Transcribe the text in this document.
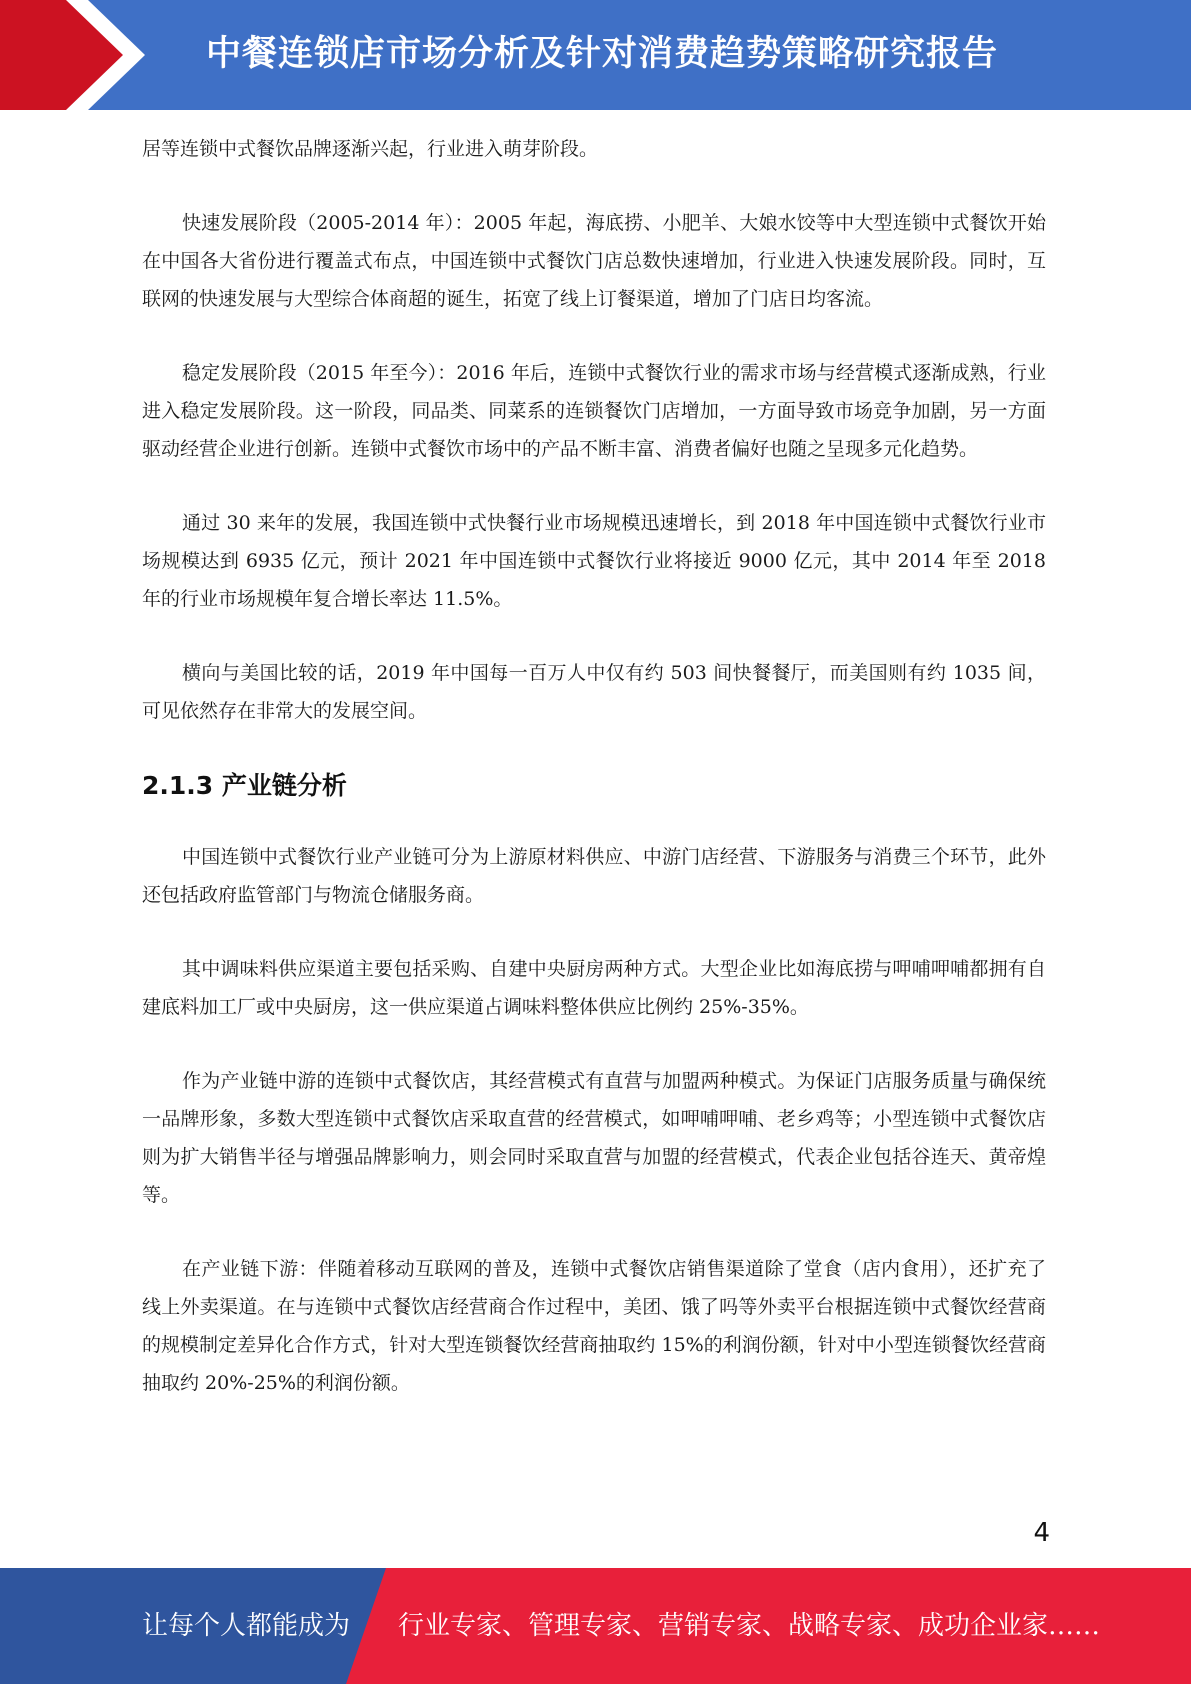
中餐连锁店市场分析及针对消费趋势策略研究报告

居等连锁中式餐饮品牌逐渐兴起，行业进入萌芽阶段。

快速发展阶段（2005-2014 年）：2005 年起，海底捞、小肥羊、大娘水饺等中大型连锁中式餐饮开始在中国各大省份进行覆盖式布点，中国连锁中式餐饮门店总数快速增加，行业进入快速发展阶段。同时，互联网的快速发展与大型综合体商超的诞生，拓宽了线上订餐渠道，增加了门店日均客流。

稳定发展阶段（2015 年至今）：2016 年后，连锁中式餐饮行业的需求市场与经营模式逐渐成熟，行业进入稳定发展阶段。这一阶段，同品类、同菜系的连锁餐饮门店增加，一方面导致市场竞争加剧，另一方面驱动经营企业进行创新。连锁中式餐饮市场中的产品不断丰富、消费者偏好也随之呈现多元化趋势。

通过 30 来年的发展，我国连锁中式快餐行业市场规模迅速增长，到 2018 年中国连锁中式餐饮行业市场规模达到 6935 亿元，预计 2021 年中国连锁中式餐饮行业将接近 9000 亿元，其中 2014 年至 2018 年的行业市场规模年复合增长率达 11.5%。

横向与美国比较的话，2019 年中国每一百万人中仅有约 503 间快餐餐厅，而美国则有约 1035 间，可见依然存在非常大的发展空间。

2.1.3 产业链分析

中国连锁中式餐饮行业产业链可分为上游原材料供应、中游门店经营、下游服务与消费三个环节，此外还包括政府监管部门与物流仓储服务商。

其中调味料供应渠道主要包括采购、自建中央厨房两种方式。大型企业比如海底捞与呷哺呷哺都拥有自建底料加工厂或中央厨房，这一供应渠道占调味料整体供应比例约 25%-35%。

作为产业链中游的连锁中式餐饮店，其经营模式有直营与加盟两种模式。为保证门店服务质量与确保统一品牌形象，多数大型连锁中式餐饮店采取直营的经营模式，如呷哺呷哺、老乡鸡等；小型连锁中式餐饮店则为扩大销售半径与增强品牌影响力，则会同时采取直营与加盟的经营模式，代表企业包括谷连天、黄帝煌等。

在产业链下游：伴随着移动互联网的普及，连锁中式餐饮店销售渠道除了堂食（店内食用），还扩充了线上外卖渠道。在与连锁中式餐饮店经营商合作过程中，美团、饿了吗等外卖平台根据连锁中式餐饮经营商的规模制定差异化合作方式，针对大型连锁餐饮经营商抽取约 15%的利润份额，针对中小型连锁餐饮经营商抽取约 20%-25%的利润份额。

4
让每个人都能成为 行业专家、管理专家、营销专家、战略专家、成功企业家……
